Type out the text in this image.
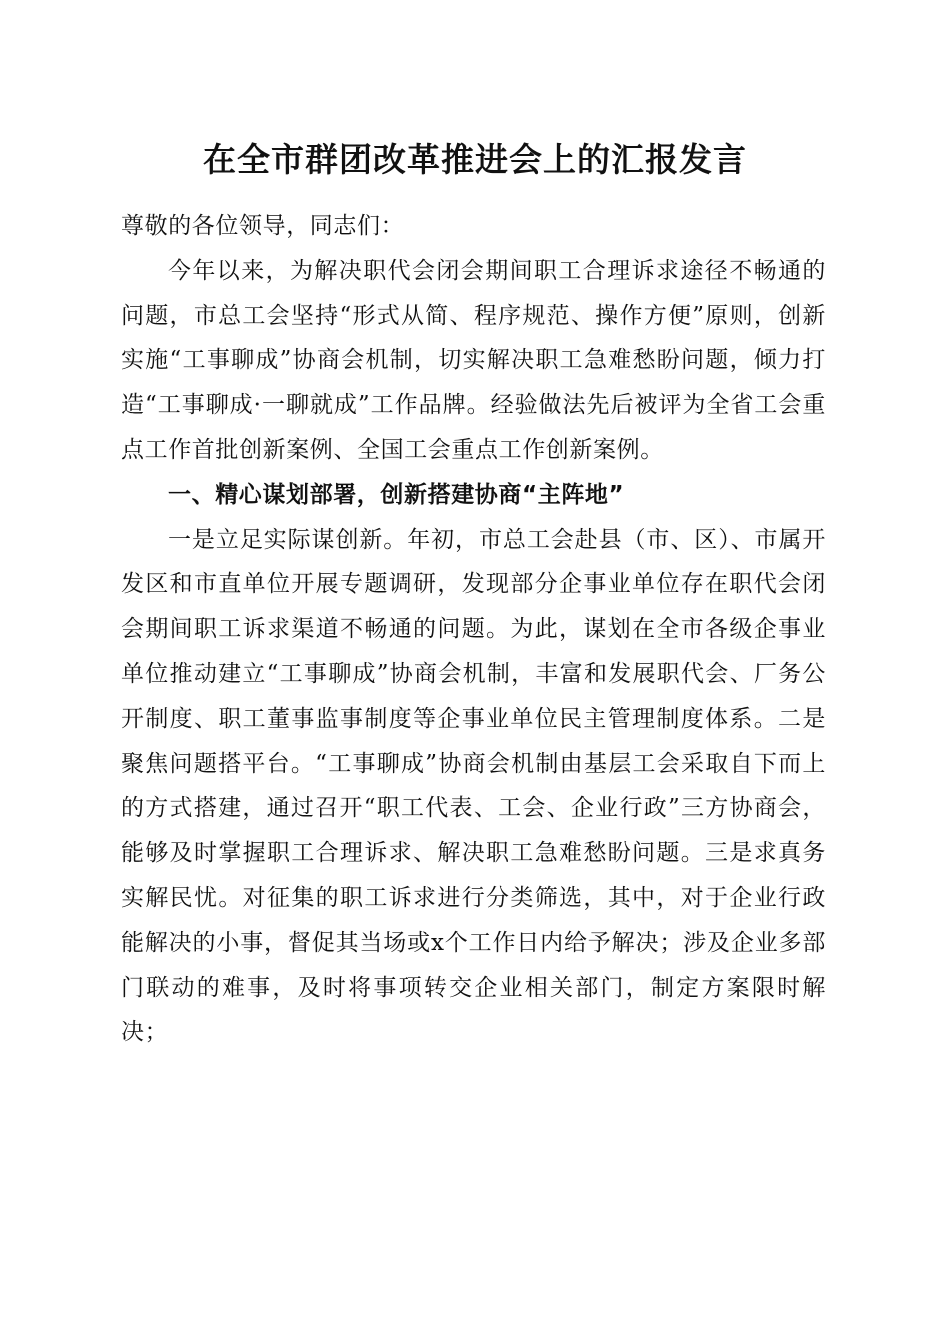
在全市群团改革推进会上的汇报发言

尊敬的各位领导，同志们：

今年以来，为解决职代会闭会期间职工合理诉求途径不畅通的问题，市总工会坚持“形式从简、程序规范、操作方便”原则，创新实施“工事聊成”协商会机制，切实解决职工急难愁盼问题，倾力打造“工事聊成·一聊就成”工作品牌。经验做法先后被评为全省工会重点工作首批创新案例、全国工会重点工作创新案例。

一、精心谋划部署，创新搭建协商“主阵地”

一是立足实际谋创新。年初，市总工会赴县（市、区）、市属开发区和市直单位开展专题调研，发现部分企事业单位存在职代会闭会期间职工诉求渠道不畅通的问题。为此，谋划在全市各级企事业单位推动建立“工事聊成”协商会机制，丰富和发展职代会、厂务公开制度、职工董事监事制度等企事业单位民主管理制度体系。二是聚焦问题搭平台。“工事聊成”协商会机制由基层工会采取自下而上的方式搭建，通过召开“职工代表、工会、企业行政”三方协商会，能够及时掌握职工合理诉求、解决职工急难愁盼问题。三是求真务实解民忧。对征集的职工诉求进行分类筛选，其中，对于企业行政能解决的小事，督促其当场或x个工作日内给予解决；涉及企业多部门联动的难事，及时将事项转交企业相关部门，制定方案限时解决；
